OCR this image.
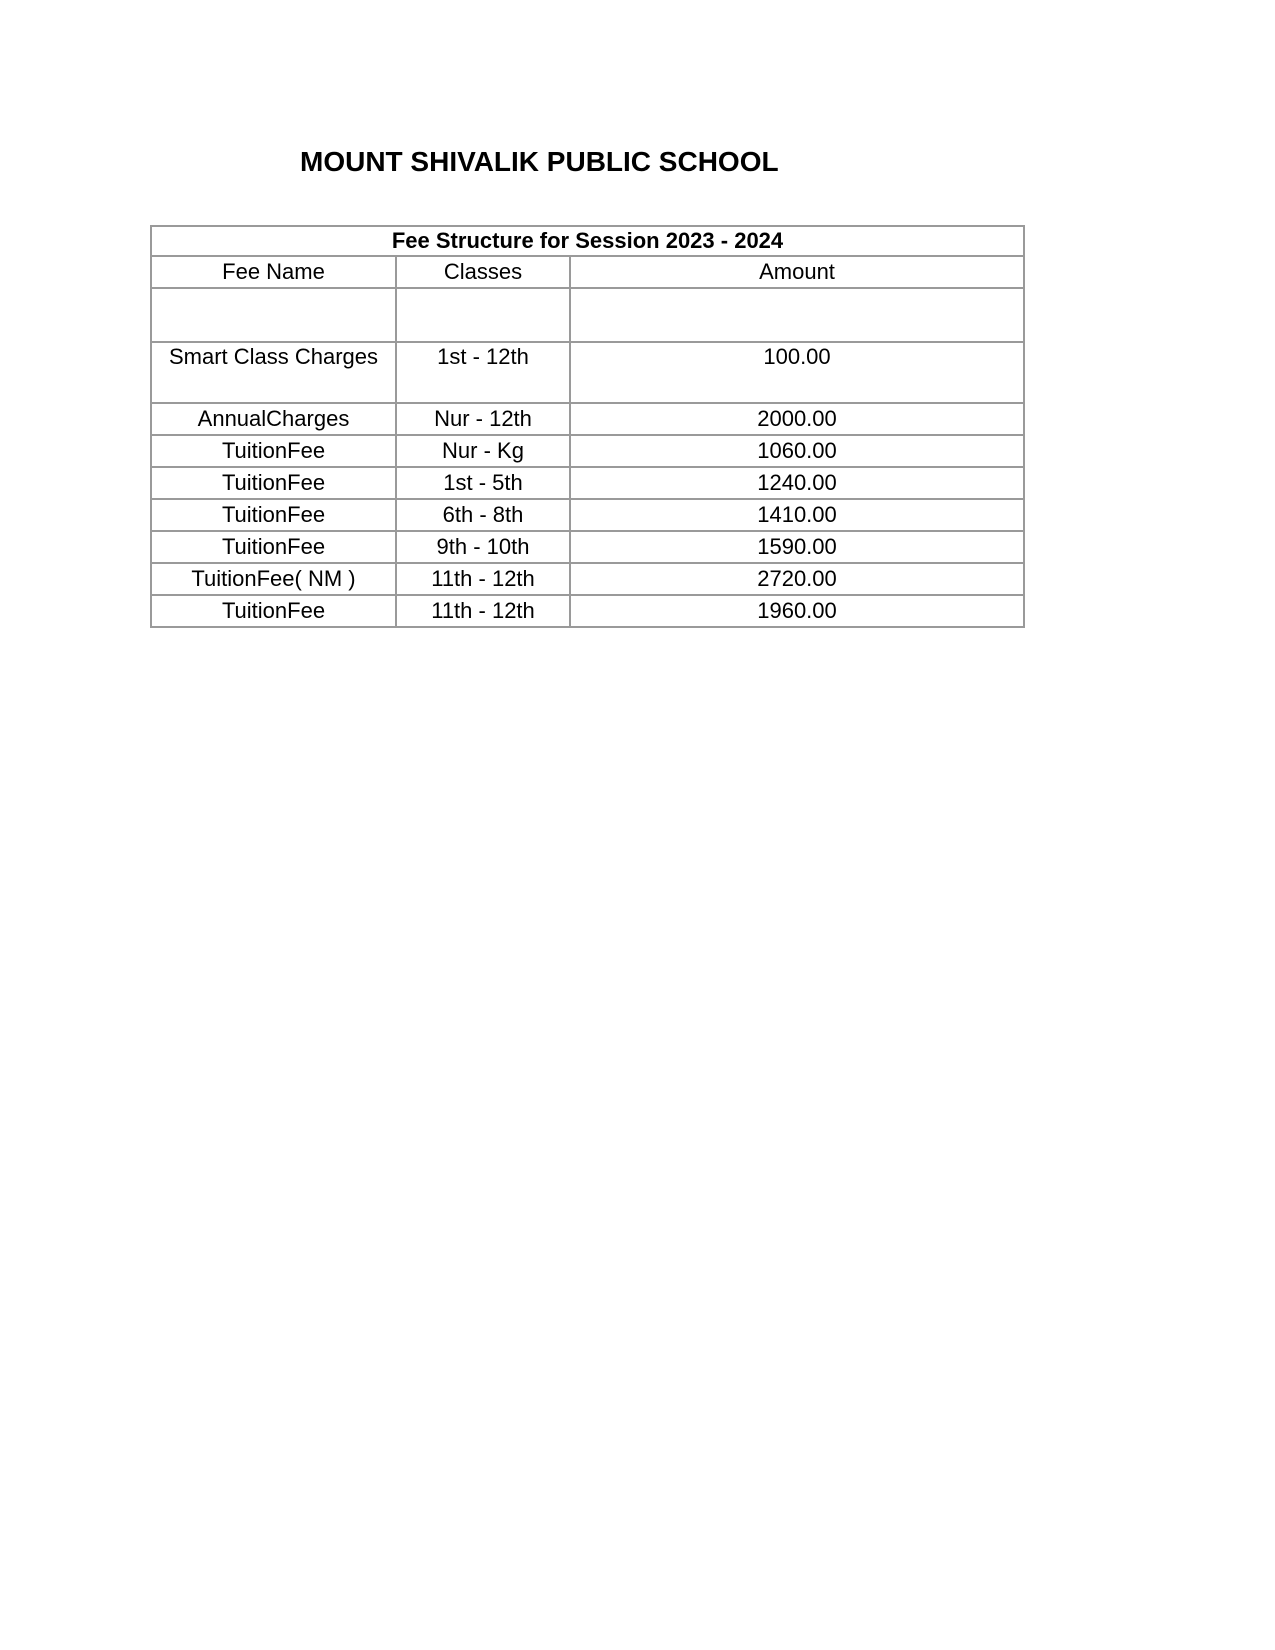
MOUNT SHIVALIK PUBLIC SCHOOL
Fee Structure for Session 2023 - 2024		
Fee Name	Classes	Amount

Smart Class Charges	1st - 12th	100.00
AnnualCharges	Nur - 12th	2000.00
TuitionFee	Nur - Kg	1060.00
TuitionFee	1st - 5th	1240.00
TuitionFee	6th - 8th	1410.00
TuitionFee	9th - 10th	1590.00
TuitionFee( NM )	11th - 12th	2720.00
TuitionFee	11th - 12th	1960.00
